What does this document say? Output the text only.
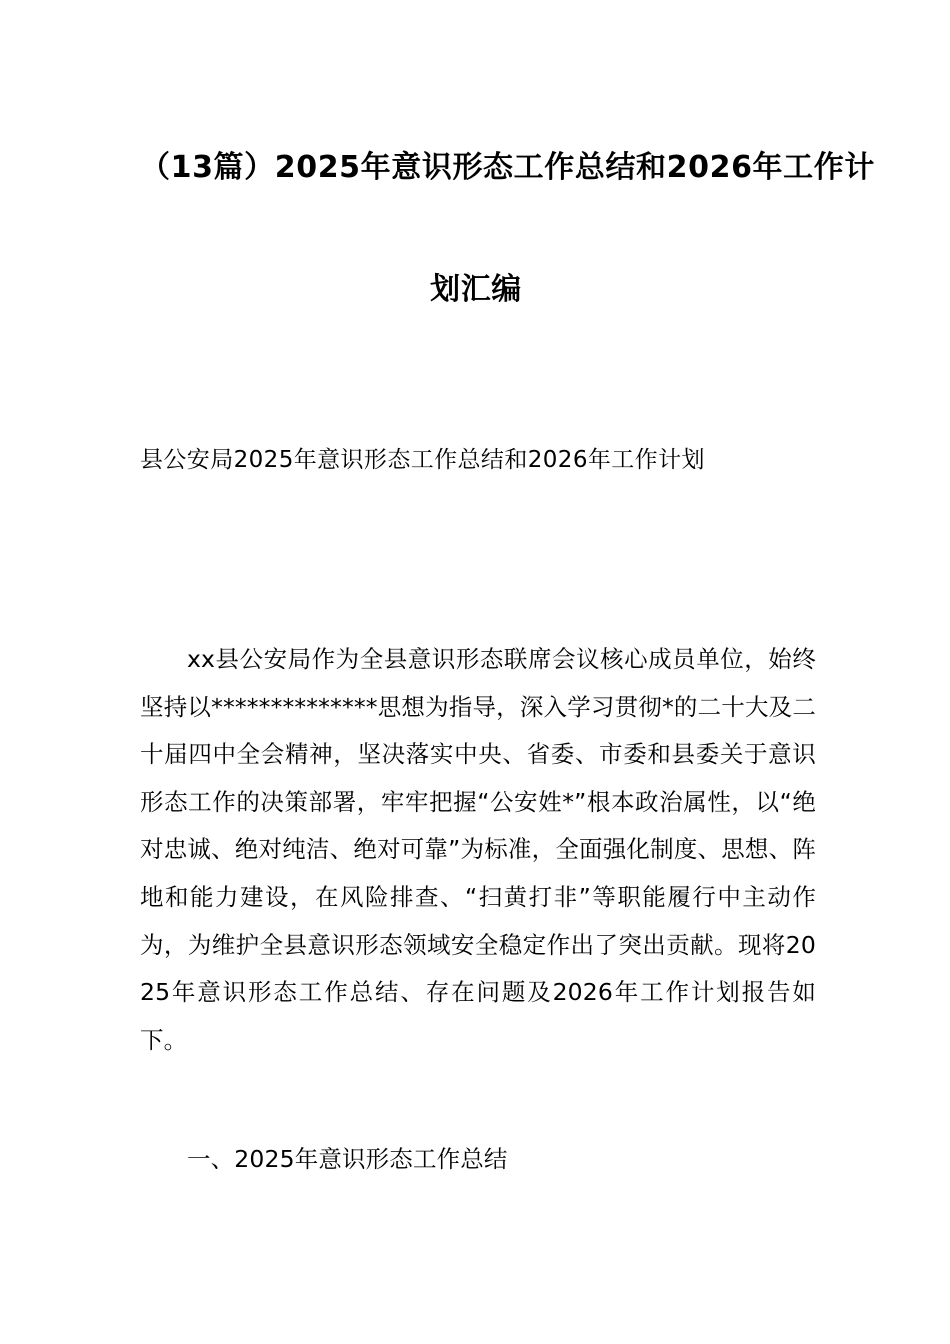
（13篇）2025年意识形态工作总结和2026年工作计
划汇编
县公安局2025年意识形态工作总结和2026年工作计划

xx县公安局作为全县意识形态联席会议核心成员单位，始终坚持以**************思想为指导，深入学习贯彻*的二十大及二十届四中全会精神，坚决落实中央、省委、市委和县委关于意识形态工作的决策部署，牢牢把握“公安姓*”根本政治属性，以“绝对忠诚、绝对纯洁、绝对可靠”为标准，全面强化制度、思想、阵地和能力建设，在风险排查、“扫黄打非”等职能履行中主动作为，为维护全县意识形态领域安全稳定作出了突出贡献。现将2025年意识形态工作总结、存在问题及2026年工作计划报告如下。

一、2025年意识形态工作总结
